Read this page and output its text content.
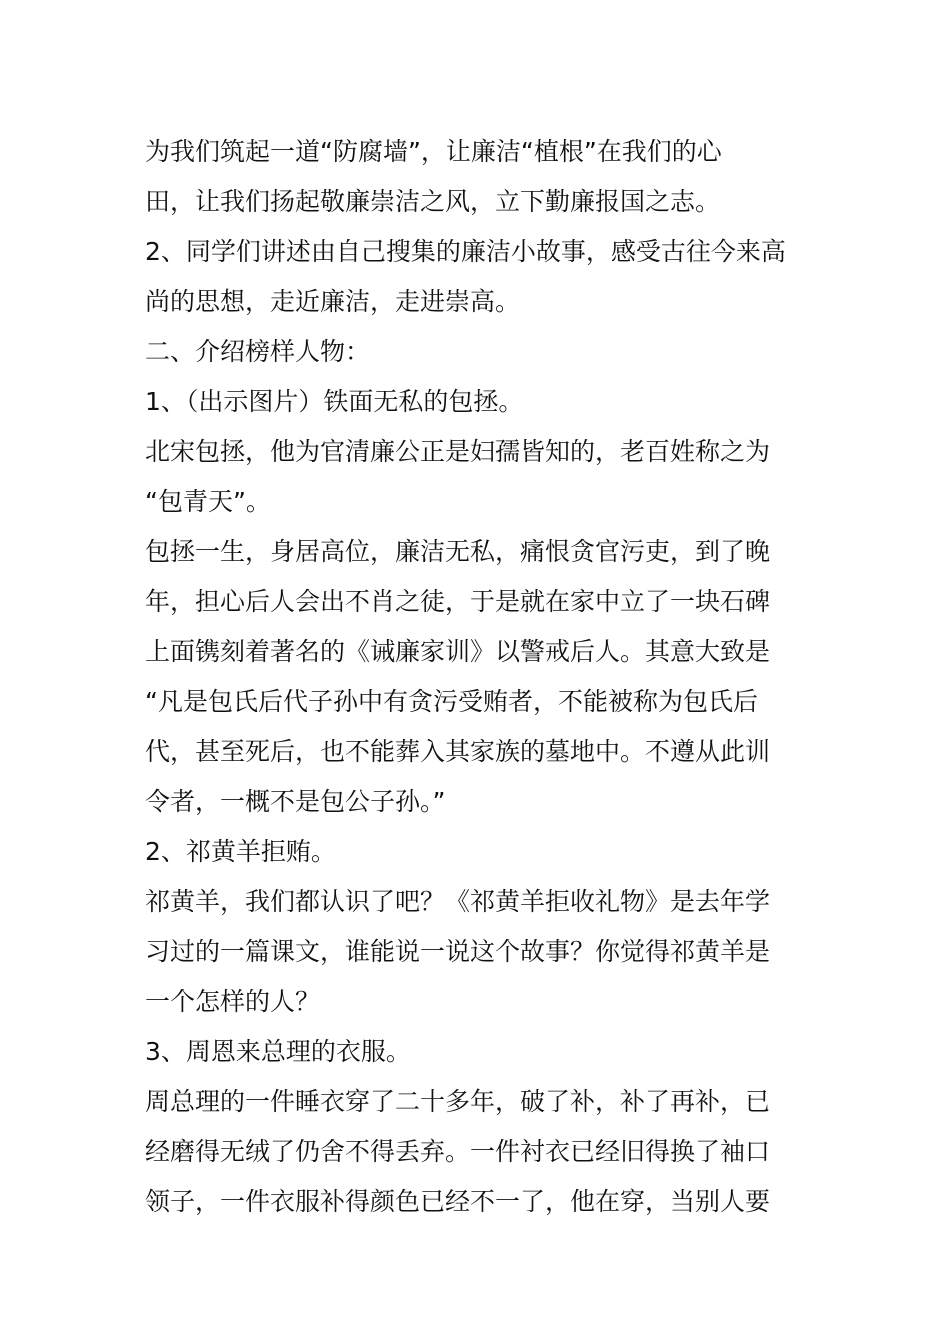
为我们筑起一道“防腐墙”，让廉洁“植根”在我们的心
田，让我们扬起敬廉崇洁之风，立下勤廉报国之志。
2、同学们讲述由自己搜集的廉洁小故事，感受古往今来高
尚的思想，走近廉洁，走进崇高。
二、介绍榜样人物：
1、（出示图片）铁面无私的包拯。
北宋包拯，他为官清廉公正是妇孺皆知的，老百姓称之为
“包青天”。
包拯一生，身居高位，廉洁无私，痛恨贪官污吏，到了晚
年，担心后人会出不肖之徒，于是就在家中立了一块石碑
上面镌刻着著名的《诫廉家训》以警戒后人。其意大致是
“凡是包氏后代子孙中有贪污受贿者，不能被称为包氏后
代，甚至死后，也不能葬入其家族的墓地中。不遵从此训
令者，一概不是包公子孙。”
2、祁黄羊拒贿。
祁黄羊，我们都认识了吧？《祁黄羊拒收礼物》是去年学
习过的一篇课文，谁能说一说这个故事？你觉得祁黄羊是
一个怎样的人？
3、周恩来总理的衣服。
周总理的一件睡衣穿了二十多年，破了补，补了再补，已
经磨得无绒了仍舍不得丢弃。一件衬衣已经旧得换了袖口
领子，一件衣服补得颜色已经不一了，他在穿，当别人要
